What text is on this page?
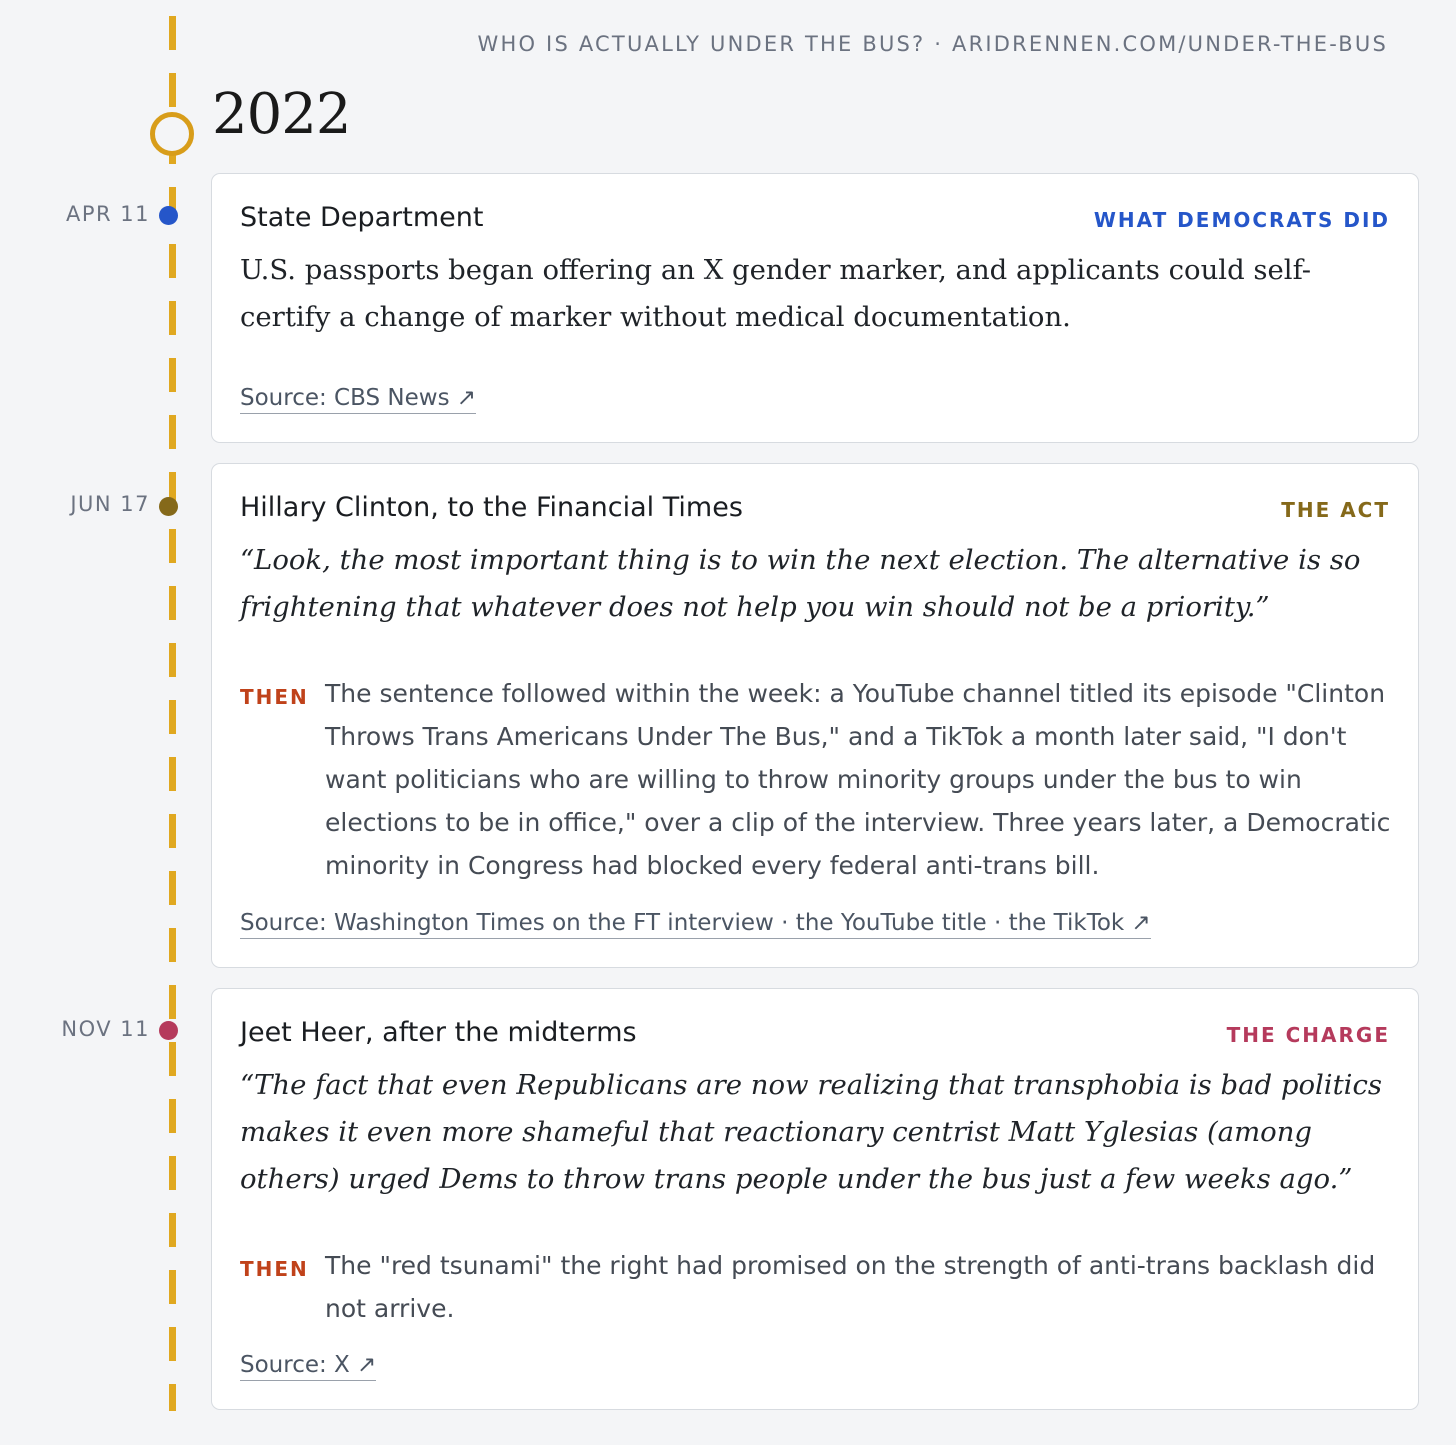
WHO IS ACTUALLY UNDER THE BUS? · ARIDRENNEN.COM/UNDER-THE-BUS
2022
APR 11	State Department	WHAT DEMOCRATS DID
U.S. passports began offering an X gender marker, and applicants could self-certify a change of marker without medical documentation.
Source: CBS News ↗
JUN 17	Hillary Clinton, to the Financial Times	THE ACT
“Look, the most important thing is to win the next election. The alternative is so frightening that whatever does not help you win should not be a priority.”
THEN The sentence followed within the week: a YouTube channel titled its episode "Clinton Throws Trans Americans Under The Bus," and a TikTok a month later said, "I don't want politicians who are willing to throw minority groups under the bus to win elections to be in office," over a clip of the interview. Three years later, a Democratic minority in Congress had blocked every federal anti-trans bill.
Source: Washington Times on the FT interview · the YouTube title · the TikTok ↗
NOV 11	Jeet Heer, after the midterms	THE CHARGE
“The fact that even Republicans are now realizing that transphobia is bad politics makes it even more shameful that reactionary centrist Matt Yglesias (among others) urged Dems to throw trans people under the bus just a few weeks ago.”
THEN The "red tsunami" the right had promised on the strength of anti-trans backlash did not arrive.
Source: X ↗
